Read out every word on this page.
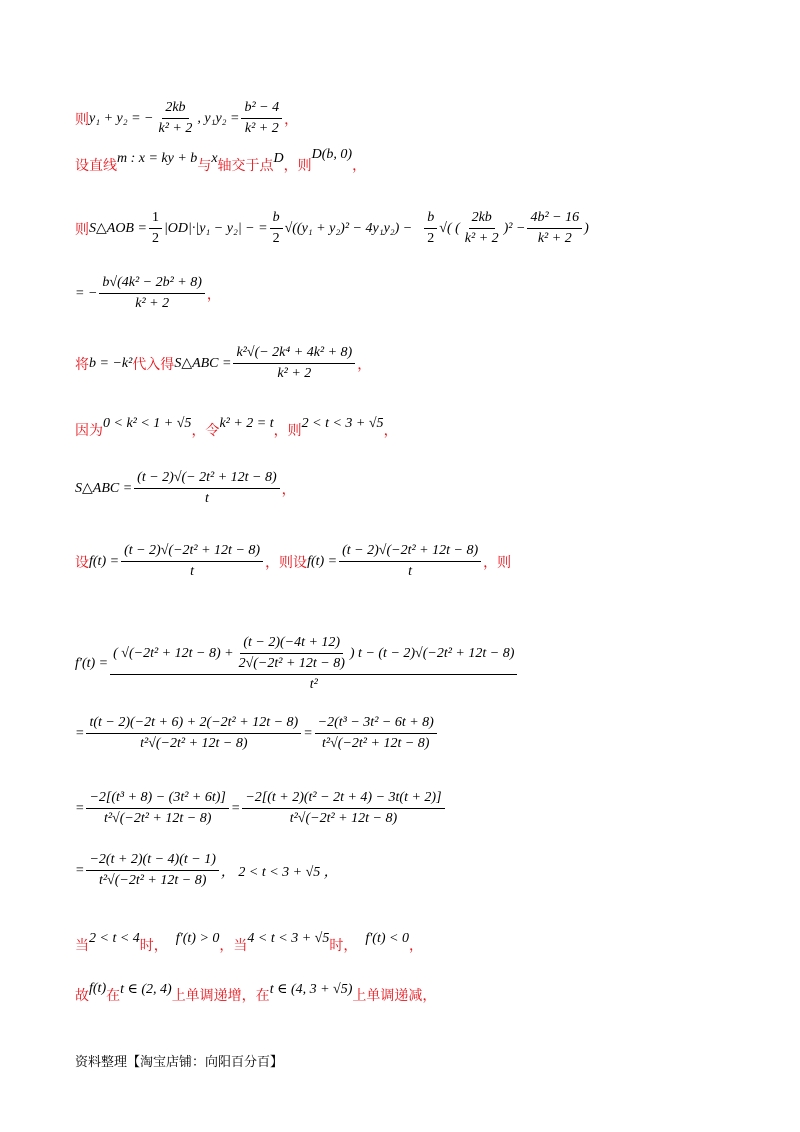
则 y₁ + y₂ = − $\frac{2kb}{\text{k² + 2}}$ , $y_1y_2 = \frac{\text{b² − 4}}{\text{k² + 2}}$ ，
设直线 m : x = ky + b 与 x 轴交于点 D ，则
D(b, 0)
，
则 S△AOB = $\frac{1}{2} |OD|\cdot|y_1 - y_2|$ − = $\frac{b}{2} √((y_1 + y_2)^2 - 4y_1y_2) - \frac{b}{2}$ √( ( $\frac{2kb}{\text{k² + 2}} )^2 - \frac{\text{4b² − 16}}{\text{k² + 2}}$ )
= − $\frac{\text{b√(4k² − 2b² + 8)}}{\text{k² + 2}}$ ，
将 b = −k² 代入得 S△ABC = $\frac{\text{k²√(− 2k⁴ + 4k² + 8)}}{\text{k² + 2}}$ ，
因为 0 < k² < 1 + √5 ，令 k² + 2 = t ，则 2 < t < 3 + √5 ，
S△ABC = $\frac{\text{(t − 2)√(− 2t² + 12t − 8)}}{t}$ ，
设 $f(t) = \frac{\text{(t − 2)√(−2t² + 12t − 8)}}{t}$ ，则设 $f(t) = \frac{\text{(t − 2)√(−2t² + 12t − 8)}}{t}$ ，则
f′(t) =
( $√(-2t^2 + 12t - 8) + \frac{(t - 2)(-4t + 12)}{\text{2√(−2t² + 12t − 8)}}$ ) t − (t − 2)√(−2t² + 12t − 8)
t²
= $\frac{\text{t(t − 2)(−2t + 6) + 2(−2t² + 12t − 8)}}{\text{t²√(−2t² + 12t − 8)}} = \frac{\text{−2(t³ − 3t² − 6t + 8)}}{\text{t²√(−2t² + 12t − 8)}}$
= $\frac{\text{−2[(t³ + 8) − (3t² + 6t)]}}{\text{t²√(−2t² + 12t − 8)}} = \frac{\text{−2[(t + 2)(t² − 2t + 4) − 3t(t + 2)]}}{\text{t²√(−2t² + 12t − 8)}}$
= $\frac{-2(t + 2)(t - 4)(t - 1)}{\text{t²√(−2t² + 12t − 8)}}$ ， 2 < t < 3 + √5 ，
当 2 < t < 4 时， f′(t) > 0 ，当 4 < t < 3 + √5 时， f′(t) < 0 ，
故 f(t) 在 t ∈ (2, 4) 上单调递增，在 t ∈ (4, 3 + √5) 上单调递减，
资料整理【淘宝店铺：向阳百分百】
